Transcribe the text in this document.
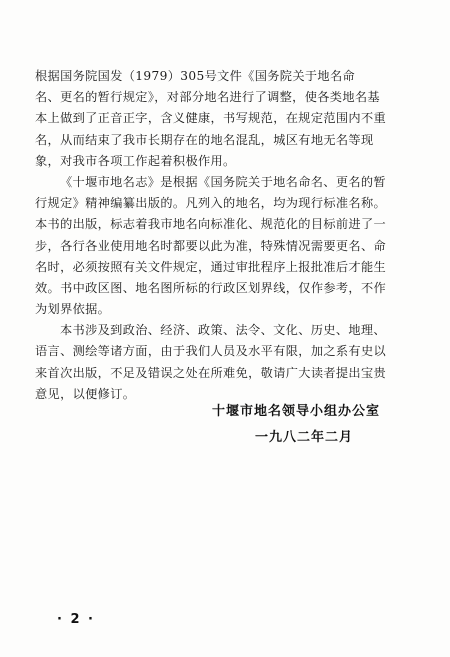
根据国务院国发（1979）305号文件《国务院关于地名命
名、更名的暂行规定》，对部分地名进行了调整，使各类地名基
本上做到了正音正字，含义健康，书写规范，在规定范围内不重
名，从而结束了我市长期存在的地名混乱，城区有地无名等现
象，对我市各项工作起着积极作用。
《十堰市地名志》是根据《国务院关于地名命名、更名的暂
行规定》精神编纂出版的。凡列入的地名，均为现行标准名称。
本书的出版，标志着我市地名向标准化、规范化的目标前进了一
步，各行各业使用地名时都要以此为准，特殊情况需要更名、命
名时，必须按照有关文件规定，通过审批程序上报批准后才能生
效。书中政区图、地名图所标的行政区划界线，仅作参考，不作
为划界依据。
本书涉及到政治、经济、政策、法令、文化、历史、地理、
语言、测绘等诸方面，由于我们人员及水平有限，加之系有史以
来首次出版，不足及错误之处在所难免，敬请广大读者提出宝贵
意见，以便修订。
十堰市地名领导小组办公室
一九八二年二月
· 2 ·
